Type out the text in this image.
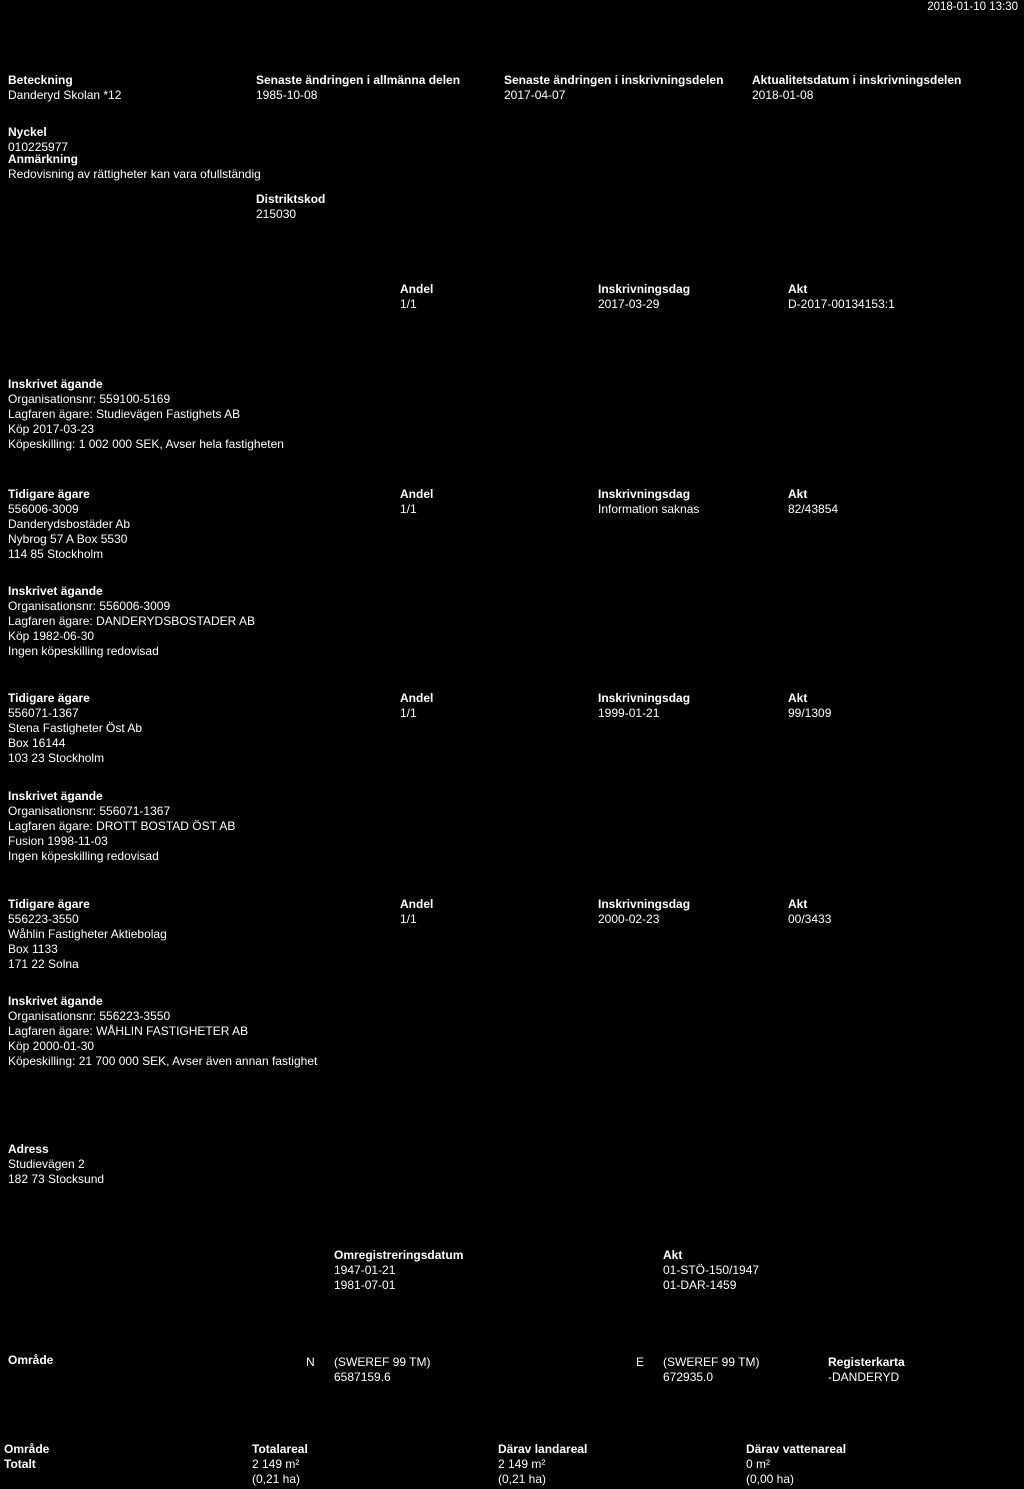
2018-01-10 13:30
Beteckning
Danderyd Skolan *12
Senaste ändringen i allmänna delen
1985-10-08
Senaste ändringen i inskrivningsdelen
2017-04-07
Aktualitetsdatum i inskrivningsdelen
2018-01-08
Nyckel
010225977
Anmärkning
Redovisning av rättigheter kan vara ofullständig
Distriktskod
215030
Andel
1/1
Inskrivningsdag
2017-03-29
Akt
D-2017-00134153:1
Inskrivet ägande
Organisationsnr: 559100-5169
Lagfaren ägare: Studievägen Fastighets AB
Köp 2017-03-23
Köpeskilling: 1 002 000 SEK, Avser hela fastigheten
Tidigare ägare
556006-3009
Danderydsbostäder Ab
Nybrog 57 A Box 5530
114 85 Stockholm
Andel
1/1
Inskrivningsdag
Information saknas
Akt
82/43854
Inskrivet ägande
Organisationsnr: 556006-3009
Lagfaren ägare: DANDERYDSBOSTADER AB
Köp 1982-06-30
Ingen köpeskilling redovisad
Tidigare ägare
556071-1367
Stena Fastigheter Öst Ab
Box 16144
103 23 Stockholm
Andel
1/1
Inskrivningsdag
1999-01-21
Akt
99/1309
Inskrivet ägande
Organisationsnr: 556071-1367
Lagfaren ägare: DROTT BOSTAD ÖST AB
Fusion 1998-11-03
Ingen köpeskilling redovisad
Tidigare ägare
556223-3550
Wåhlin Fastigheter Aktiebolag
Box 1133
171 22 Solna
Andel
1/1
Inskrivningsdag
2000-02-23
Akt
00/3433
Inskrivet ägande
Organisationsnr: 556223-3550
Lagfaren ägare: WÅHLIN FASTIGHETER AB
Köp 2000-01-30
Köpeskilling: 21 700 000 SEK, Avser även annan fastighet
Adress
Studievägen 2
182 73 Stocksund
Omregistreringsdatum
1947-01-21
1981-07-01
Akt
01-STÖ-150/1947
01-DAR-1459
Område	N (SWEREF 99 TM)
6587159.6
E (SWEREF 99 TM)
672935.0
Registerkarta
-DANDERYD
Område
Totalt
Totalareal
2 149 m²
(0,21 ha)
Därav landareal
2 149 m²
(0,21 ha)
Därav vattenareal
0 m²
(0,00 ha)
